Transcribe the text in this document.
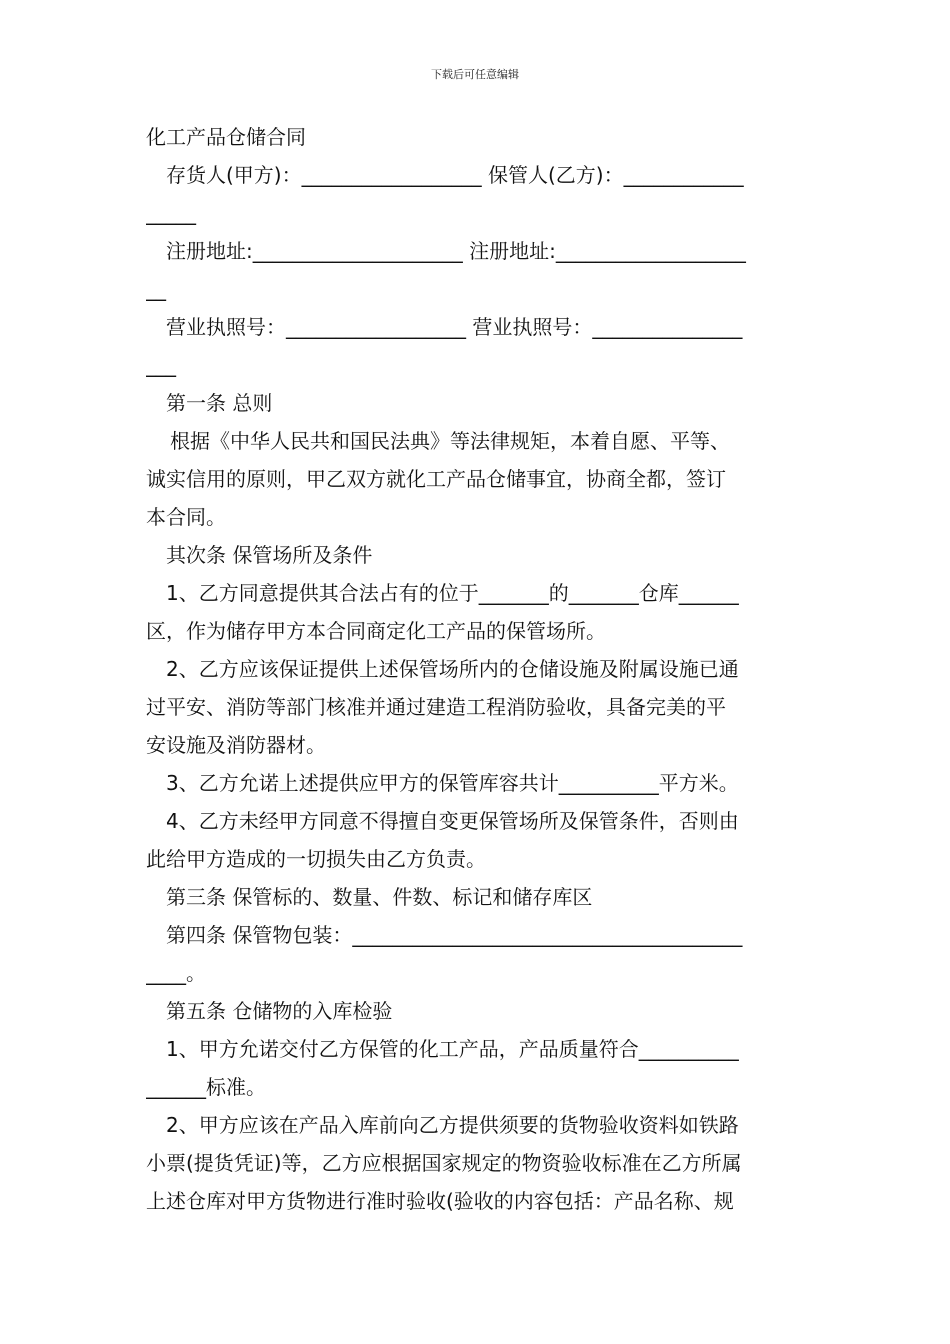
下载后可任意编辑

化工产品仓储合同

存货人(甲方)：__________________ 保管人(乙方)：____________

_____

注册地址:_____________________ 注册地址:___________________

__

营业执照号：__________________ 营业执照号：_______________

___

第一条 总则

根据《中华人民共和国民法典》等法律规矩，本着自愿、平等、

诚实信用的原则，甲乙双方就化工产品仓储事宜，协商全都，签订

本合同。

其次条 保管场所及条件

1、乙方同意提供其合法占有的位于_______的_______仓库______

区，作为储存甲方本合同商定化工产品的保管场所。

2、乙方应该保证提供上述保管场所内的仓储设施及附属设施已通

过平安、消防等部门核准并通过建造工程消防验收，具备完美的平

安设施及消防器材。

3、乙方允诺上述提供应甲方的保管库容共计__________平方米。

4、乙方未经甲方同意不得擅自变更保管场所及保管条件，否则由

此给甲方造成的一切损失由乙方负责。

第三条 保管标的、数量、件数、标记和储存库区

第四条 保管物包装：_______________________________________

____。

第五条 仓储物的入库检验

1、甲方允诺交付乙方保管的化工产品，产品质量符合__________

______标准。

2、甲方应该在产品入库前向乙方提供须要的货物验收资料如铁路

小票(提货凭证)等，乙方应根据国家规定的物资验收标准在乙方所属

上述仓库对甲方货物进行准时验收(验收的内容包括：产品名称、规
